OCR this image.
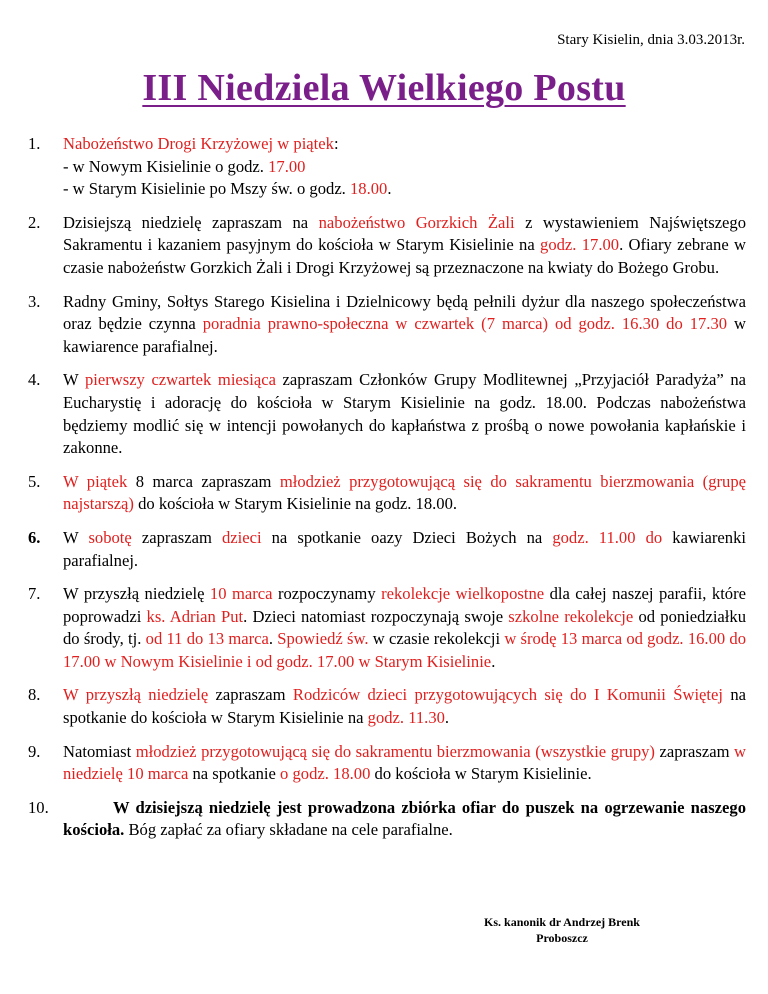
Stary Kisielin, dnia 3.03.2013r.
III Niedziela Wielkiego Postu
1. Nabożeństwo Drogi Krzyżowej w piątek:
- w Nowym Kisielinie o godz. 17.00
- w Starym Kisielinie po Mszy św. o godz. 18.00.
2. Dzisiejszą niedzielę zapraszam na nabożeństwo Gorzkich Żali z wystawieniem Najświętszego Sakramentu i kazaniem pasyjnym do kościoła w Starym Kisielinie na godz. 17.00. Ofiary zebrane w czasie nabożeństw Gorzkich Żali i Drogi Krzyżowej są przeznaczone na kwiaty do Bożego Grobu.
3. Radny Gminy, Sołtys Starego Kisielina i Dzielnicowy będą pełnili dyżur dla naszego społeczeństwa oraz będzie czynna poradnia prawno-społeczna w czwartek (7 marca) od godz. 16.30 do 17.30 w kawiarence parafialnej.
4. W pierwszy czwartek miesiąca zapraszam Członków Grupy Modlitewnej „Przyjaciół Paradyża” na Eucharystię i adorację do kościoła w Starym Kisielinie na godz. 18.00. Podczas nabożeństwa będziemy modlić się w intencji powołanych do kapłaństwa z prośbą o nowe powołania kapłańskie i zakonne.
5. W piątek 8 marca zapraszam młodzież przygotowującą się do sakramentu bierzmowania (grupę najstarszą) do kościoła w Starym Kisielinie na godz. 18.00.
6. W sobotę zapraszam dzieci na spotkanie oazy Dzieci Bożych na godz. 11.00 do kawiarenki parafialnej.
7. W przyszłą niedzielę 10 marca rozpoczynamy rekolekcje wielkopostne dla całej naszej parafii, które poprowadzi ks. Adrian Put. Dzieci natomiast rozpoczynają swoje szkolne rekolekcje od poniedziałku do środy, tj. od 11 do 13 marca. Spowiedź św. w czasie rekolekcji w środę 13 marca od godz. 16.00 do 17.00 w Nowym Kisielinie i od godz. 17.00 w Starym Kisielinie.
8. W przyszłą niedzielę zapraszam Rodziców dzieci przygotowujących się do I Komunii Świętej na spotkanie do kościoła w Starym Kisielinie na godz. 11.30.
9. Natomiast młodzież przygotowującą się do sakramentu bierzmowania (wszystkie grupy) zapraszam w niedzielę 10 marca na spotkanie o godz. 18.00 do kościoła w Starym Kisielinie.
10.	W dzisiejszą niedzielę jest prowadzona zbiórka ofiar do puszek na ogrzewanie naszego kościoła. Bóg zapłać za ofiary składane na cele parafialne.
Ks. kanonik dr Andrzej Brenk
Proboszcz
